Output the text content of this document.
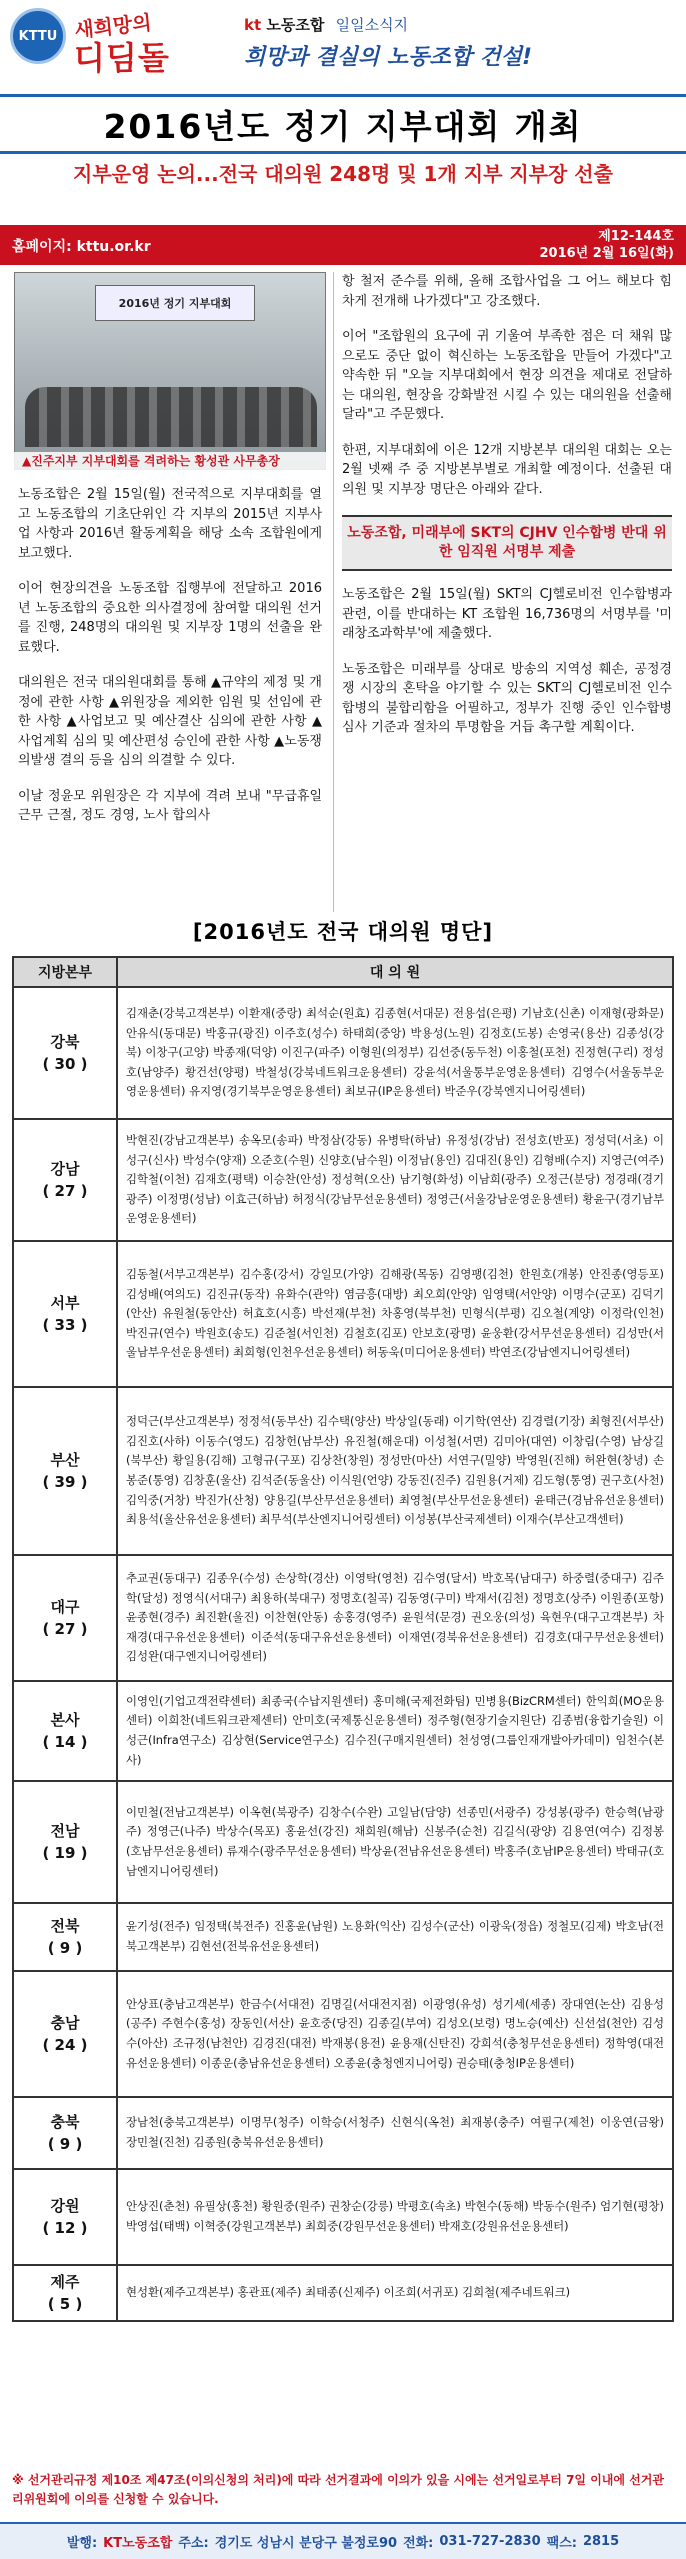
KTTU 새희망의
디딤돌
kt 노동조합 일일소식지
희망과 결실의 노동조합 건설!
2016년도 정기 지부대회 개최
지부운영 논의...전국 대의원 248명 및 1개 지부 지부장 선출
홈페이지: kttu.or.kr
제12-144호
2016년 2월 16일(화)
2016년 정기 지부대회
▲진주지부 지부대회를 격려하는 황성관 사무총장

노동조합은 2월 15일(월) 전국적으로 지부대회를 열고 노동조합의 기초단위인 각 지부의 2015년 지부사업 사항과 2016년 활동계획을 해당 소속 조합원에게 보고했다.

이어 현장의견을 노동조합 집행부에 전달하고 2016년 노동조합의 중요한 의사결정에 참여할 대의원 선거를 진행, 248명의 대의원 및 지부장 1명의 선출을 완료했다.

대의원은 전국 대의원대회를 통해 ▲규약의 제정 및 개정에 관한 사항 ▲위원장을 제외한 임원 및 선임에 관한 사항 ▲사업보고 및 예산결산 심의에 관한 사항 ▲사업계획 심의 및 예산편성 승인에 관한 사항 ▲노동쟁의발생 결의 등을 심의 의결할 수 있다.

이날 정윤모 위원장은 각 지부에 격려 보내 "무급휴일근무 근절, 정도 경영, 노사 합의사

항 철저 준수를 위해, 올해 조합사업을 그 어느 해보다 힘차게 전개해 나가겠다"고 강조했다.

이어 "조합원의 요구에 귀 기울여 부족한 점은 더 채워 많으로도 중단 없이 혁신하는 노동조합을 만들어 가겠다"고 약속한 뒤 "오늘 지부대회에서 현장 의견을 제대로 전달하는 대의원, 현장을 강화발전 시킬 수 있는 대의원을 선출해달라"고 주문했다.

한편, 지부대회에 이은 12개 지방본부 대의원 대회는 오는 2월 넷째 주 중 지방본부별로 개최할 예정이다. 선출된 대의원 및 지부장 명단은 아래와 같다.

노동조합, 미래부에 SKT의 CJHV 인수합병 반대 위한 임직원 서명부 제출

노동조합은 2월 15일(월) SKT의 CJ헬로비전 인수합병과 관련, 이를 반대하는 KT 조합원 16,736명의 서명부를 '미래창조과학부'에 제출했다.

노동조합은 미래부를 상대로 방송의 지역성 훼손, 공정경쟁 시장의 혼탁을 야기할 수 있는 SKT의 CJ헬로비전 인수합병의 불합리함을 어필하고, 정부가 진행 중인 인수합병 심사 기준과 절차의 투명함을 거듭 촉구할 계획이다.

[2016년도 전국 대의원 명단]
지방본부	대 의 원

강북
( 30 )	김재춘(강북고객본부) 이환재(중랑) 최석순(원효) 김종현(서대문) 전용섭(은평) 기남호(신촌) 이재형(광화문) 안유식(동대문) 박홍규(광진) 이주호(성수) 하태희(중앙) 박용성(노원) 김정호(도봉) 손영국(용산) 김종성(강북) 이창구(고양) 박종재(덕양) 이진구(파주) 이형원(의정부) 김선중(동두천) 이홍철(포천) 진정현(구리) 정성호(남양주) 황건선(양평) 박철성(강북네트워크운용센터) 강윤석(서울통부운영운용센터) 김영수(서울동부운영운용센터) 유지영(경기북부운영운용센터) 최보규(IP운용센터) 박준우(강북엔지니어링센터)

강남
( 27 )	박현진(강남고객본부) 송옥모(송파) 박정삼(강동) 유병탁(하남) 유정성(강남) 전성호(반포) 정성덕(서초) 이성구(신사) 박성수(양재) 오준호(수원) 신양호(남수원) 이정남(용인) 김대진(용인) 김형배(수지) 지영근(여주) 김학철(이천) 김재호(평택) 이승찬(안성) 정성혁(오산) 남기형(화성) 이남희(광주) 오정근(분당) 정경래(경기광주) 이정명(성남) 이효근(하남) 허정식(강남무선운용센터) 정영근(서울강남운영운용센터) 황윤구(경기남부운영운용센터)

서부
( 33 )	김동철(서부고객본부) 김수홍(강서) 강일모(가양) 김해광(목동) 김영팽(김천) 한원호(개봉) 안진종(영등포) 김성배(여의도) 김진규(동작) 유화수(관악) 염금흥(대방) 최오희(안양) 임영택(서안양) 이명수(군포) 김덕기(안산) 유원철(동안산) 허효호(시흥) 박선재(부천) 차홍영(북부천) 민형식(부평) 김오철(계양) 이정락(인천) 박진규(연수) 박원호(송도) 김준철(서인천) 김철호(김포) 안보호(광명) 윤웅환(강서무선운용센터) 김성만(서울남부우선운용센터) 최희형(인천우선운용센터) 허동욱(미디어운용센터) 박연조(강남엔지니어링센터)

부산
( 39 )	정덕근(부산고객본부) 정정석(동부산) 김수택(양산) 박상일(동래) 이기학(연산) 김경렬(기장) 최형진(서부산) 김진호(사하) 이동수(영도) 김창헌(남부산) 유진철(해운대) 이성철(서면) 김미아(대연) 이창림(수영) 남상길(북부산) 황일용(김해) 고형규(구포) 김상찬(창원) 정성만(마산) 서연구(밀양) 박영원(진해) 허완현(창녕) 손봉준(통영) 김창훈(울산) 김석준(동울산) 이식원(언양) 강동진(진주) 김원용(거제) 김도형(통영) 권구호(사천) 김익중(거창) 박진가(산청) 양용길(부산무선운용센터) 최영철(부산무선운용센터) 윤태근(경남유선운용센터) 최용석(울산유선운용센터) 최무석(부산엔지니어링센터) 이성봉(부산국제센터) 이재수(부산고객센터)

대구
( 27 )	추교권(동대구) 김종우(수성) 손상학(경산) 이영탁(영천) 김수영(달서) 박호목(남대구) 하중렬(중대구) 김주학(달성) 정영식(서대구) 최용하(북대구) 정명호(칠곡) 김동영(구미) 박재서(김천) 정명호(상주) 이원종(포항) 윤종현(경주) 최진환(울진) 이찬현(안동) 송홍경(영주) 윤원석(문경) 권오웅(의성) 육현우(대구고객본부) 차재경(대구유선운용센터) 이준석(동대구유선운용센터) 이재연(경북유선운용센터) 김경호(대구무선운용센터) 김성완(대구엔지니어링센터)

본사
( 14 )	이영인(기업고객전략센터) 최종국(수납지원센터) 홍미해(국제전화팀) 민병용(BizCRM센터) 한익희(MO운용센터) 이희찬(네트워크관제센터) 안미호(국제통신운용센터) 정주형(현장기술지원단) 김종범(융합기술원) 이성근(Infra연구소) 김상현(Service연구소) 김수진(구매지원센터) 천성영(그룹인재개발아카데미) 임천수(본사)

전남
( 19 )	이민철(전남고객본부) 이옥현(북광주) 김창수(수완) 고일남(담양) 선종민(서광주) 강성봉(광주) 한승혁(남광주) 정영근(나주) 박상수(목포) 홍윤선(강진) 채희원(해남) 신봉주(순천) 김길식(광양) 김용연(여수) 김정봉(호남무선운용센터) 류재수(광주무선운용센터) 박상윤(전남유선운용센터) 박홍주(호남IP운용센터) 박태규(호남엔지니어링센터)

전북
( 9 )	윤기성(전주) 임정택(북전주) 진홍윤(남원) 노용화(익산) 김성수(군산) 이광욱(정읍) 정철모(김제) 박호남(전북고객본부) 김현선(전북유선운용센터)

충남
( 24 )	안상표(충남고객본부) 한금수(서대전) 김명길(서대전지점) 이광영(유성) 성기세(세종) 장대연(논산) 김용성(공주) 주현수(홍성) 장동인(서산) 윤호중(당진) 김종길(부여) 김성오(보령) 명노승(예산) 신선섭(천안) 김성수(아산) 조규정(남천안) 김경진(대전) 박재봉(용전) 윤용재(신탄진) 강희석(충청무선운용센터) 정학영(대전유선운용센터) 이종운(충남유선운용센터) 오종윤(충청엔지니어링) 권승태(충청IP운용센터)

충북
( 9 )	장남천(충북고객본부) 이명무(청주) 이학승(서청주) 신현식(옥천) 최재봉(충주) 여필구(제천) 이웅연(금왕) 장민철(진천) 김종원(충북유선운용센터)

강원
( 12 )	안상진(춘천) 유필상(홍천) 황원중(원주) 권창순(강릉) 박평호(속초) 박현수(동해) 박동수(원주) 엄기현(평창) 박영섭(태백) 이혁중(강원고객본부) 최희중(강원무선운용센터) 박재호(강원유선운용센터)

제주
( 5 )	현성환(제주고객본부) 홍관표(제주) 최태종(신제주) 이조희(서귀포) 김희철(제주네트워크)
※ 선거관리규정 제10조 제47조(이의신청의 처리)에 따라 선거결과에 이의가 있을 시에는 선거일로부터 7일 이내에 선거관리위원회에 이의를 신청할 수 있습니다.
발행: KT노동조합 주소: 경기도 성남시 분당구 불정로90 전화: 031-727-2830 팩스: 2815
